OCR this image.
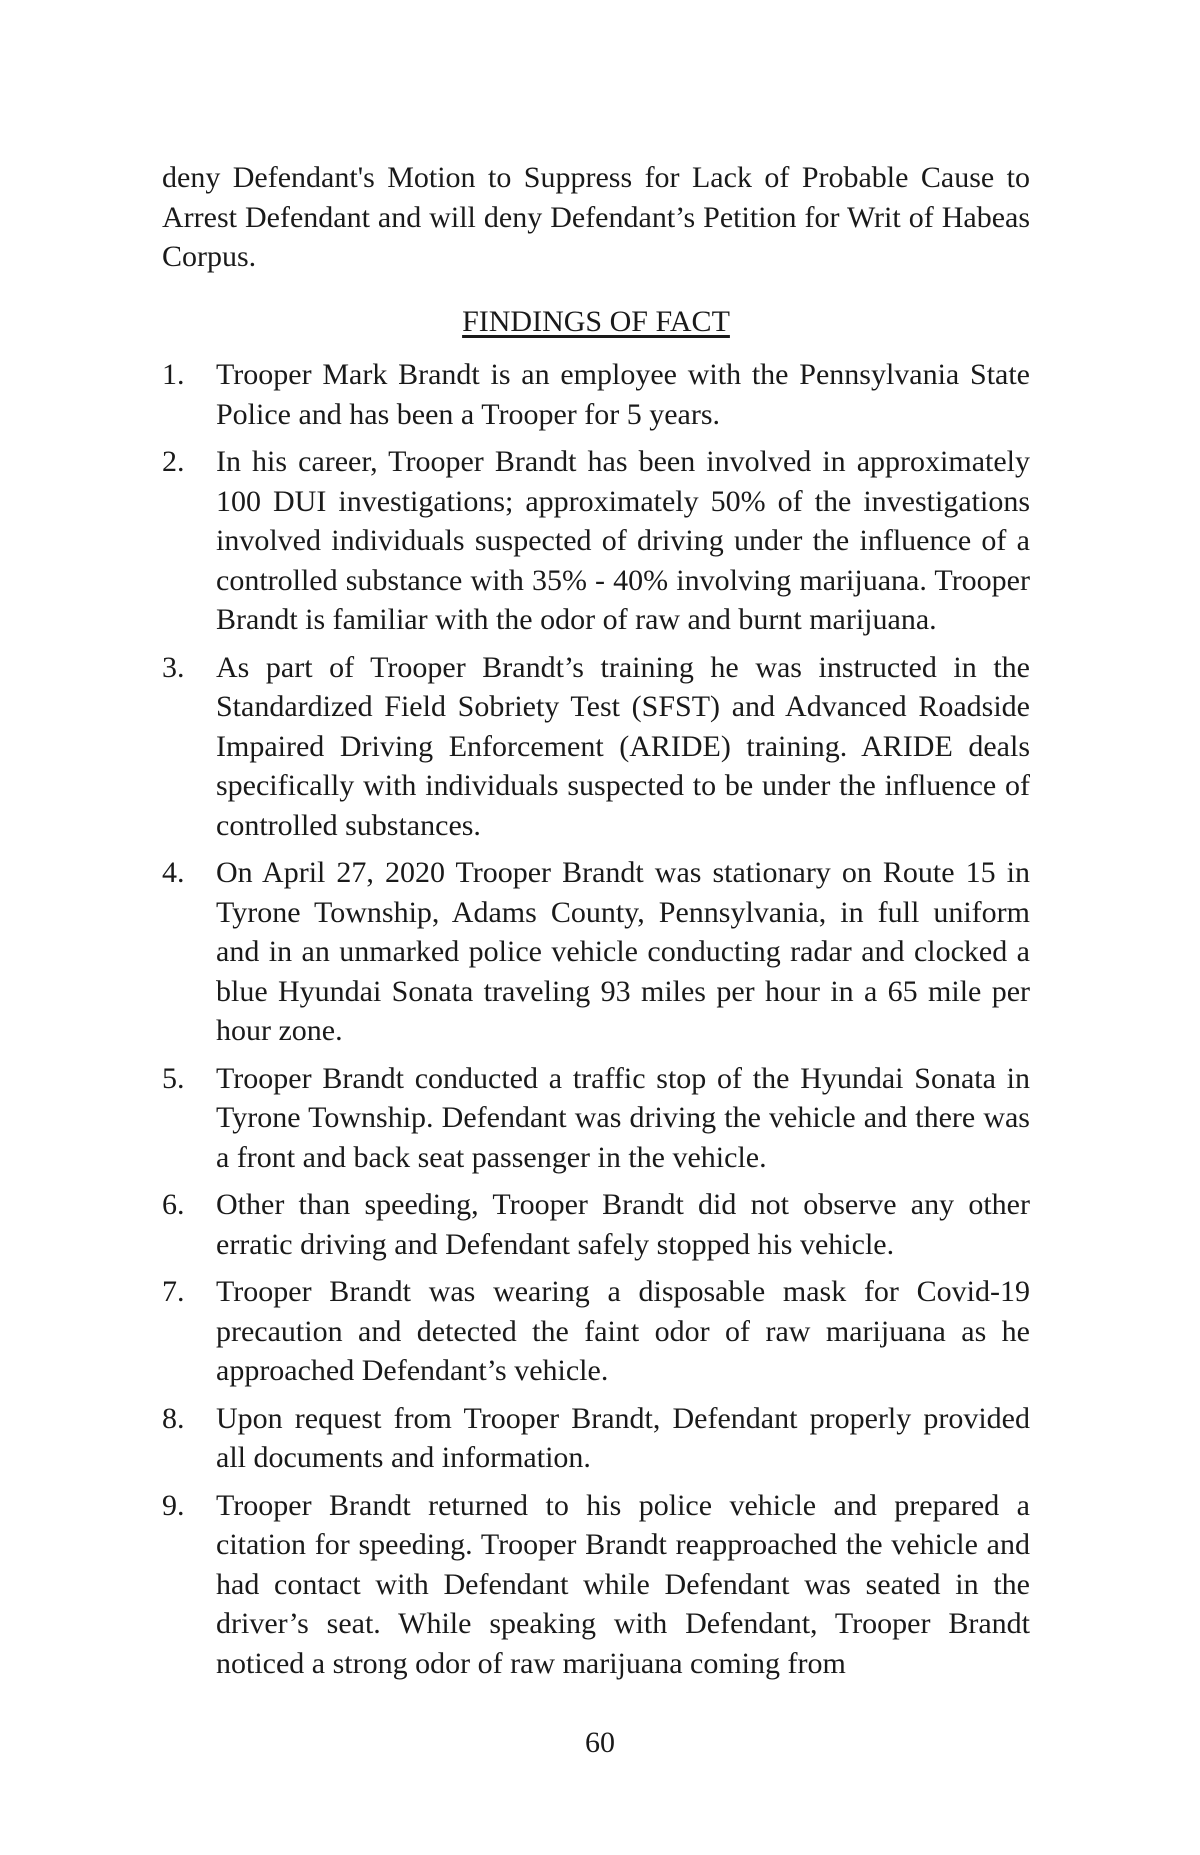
deny Defendant's Motion to Suppress for Lack of Probable Cause to Arrest Defendant and will deny Defendant’s Petition for Writ of Habeas Corpus.

FINDINGS OF FACT
1. Trooper Mark Brandt is an employee with the Pennsylvania State Police and has been a Trooper for 5 years.
2. In his career, Trooper Brandt has been involved in approximately 100 DUI investigations; approximately 50% of the investigations involved individuals suspected of driving under the influence of a controlled substance with 35% - 40% involving marijuana. Trooper Brandt is familiar with the odor of raw and burnt marijuana.
3. As part of Trooper Brandt’s training he was instructed in the Standardized Field Sobriety Test (SFST) and Advanced Roadside Impaired Driving Enforcement (ARIDE) training. ARIDE deals specifically with individuals suspected to be under the influence of controlled substances.
4. On April 27, 2020 Trooper Brandt was stationary on Route 15 in Tyrone Township, Adams County, Pennsylvania, in full uniform and in an unmarked police vehicle conducting radar and clocked a blue Hyundai Sonata traveling 93 miles per hour in a 65 mile per hour zone.
5. Trooper Brandt conducted a traffic stop of the Hyundai Sonata in Tyrone Township. Defendant was driving the vehicle and there was a front and back seat passenger in the vehicle.
6. Other than speeding, Trooper Brandt did not observe any other erratic driving and Defendant safely stopped his vehicle.
7. Trooper Brandt was wearing a disposable mask for Covid-19 precaution and detected the faint odor of raw marijuana as he approached Defendant’s vehicle.
8. Upon request from Trooper Brandt, Defendant properly provided all documents and information.
9. Trooper Brandt returned to his police vehicle and prepared a citation for speeding. Trooper Brandt reapproached the vehicle and had contact with Defendant while Defendant was seated in the driver’s seat. While speaking with Defendant, Trooper Brandt noticed a strong odor of raw marijuana coming from
60
